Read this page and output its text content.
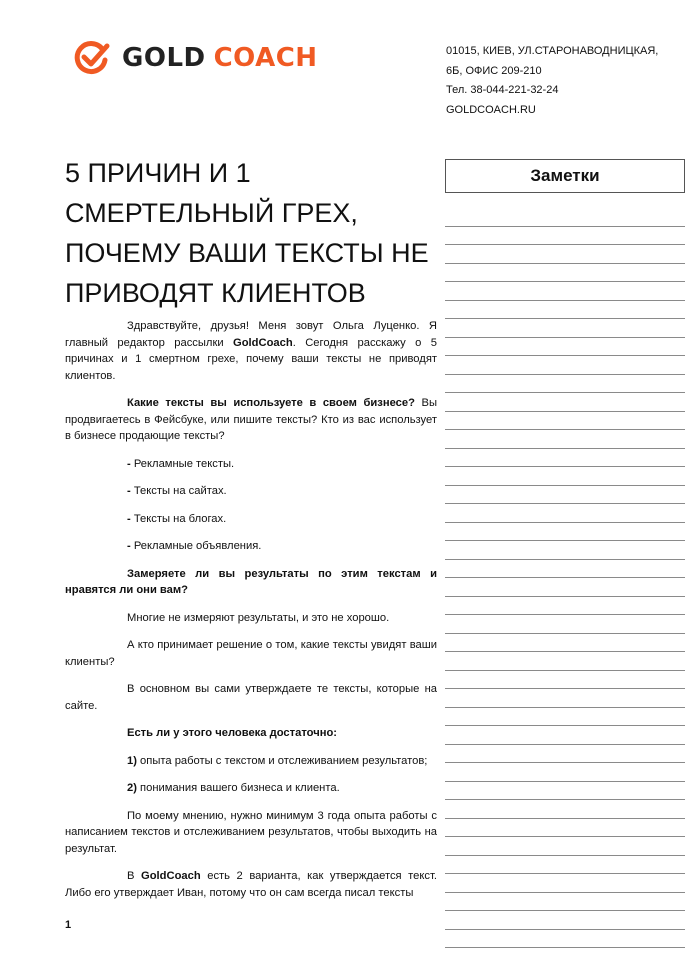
GOLD COACH	01015, КИЕВ, УЛ.СТАРОНАВОДНИЦКАЯ,
6Б, ОФИС 209-210
Тел. 38-044-221-32-24
GOLDCOACH.RU
5 ПРИЧИН И 1 СМЕРТЕЛЬНЫЙ ГРЕХ, ПОЧЕМУ ВАШИ ТЕКСТЫ НЕ ПРИВОДЯТ КЛИЕНТОВ
Заметки

Здравствуйте, друзья! Меня зовут Ольга Луценко. Я главный редактор рассылки GoldCoach. Сегодня расскажу о 5 причинах и 1 смертном грехе, почему ваши тексты не приводят клиентов.

Какие тексты вы используете в своем бизнесе? Вы продвигаетесь в Фейсбуке, или пишите тексты? Кто из вас использует в бизнесе продающие тексты?

- Рекламные тексты.

- Тексты на сайтах.

- Тексты на блогах.

- Рекламные объявления.

Замеряете ли вы результаты по этим текстам и нравятся ли они вам?

Многие не измеряют результаты, и это не хорошо.

А кто принимает решение о том, какие тексты увидят ваши клиенты?

В основном вы сами утверждаете те тексты, которые на сайте.

Есть ли у этого человека достаточно:

1) опыта работы с текстом и отслеживанием результатов;

2) понимания вашего бизнеса и клиента.

По моему мнению, нужно минимум 3 года опыта работы с написанием текстов и отслеживанием результатов, чтобы выходить на результат.

В GoldCoach есть 2 варианта, как утверждается текст. Либо его утверждает Иван, потому что он сам всегда писал тексты

1
